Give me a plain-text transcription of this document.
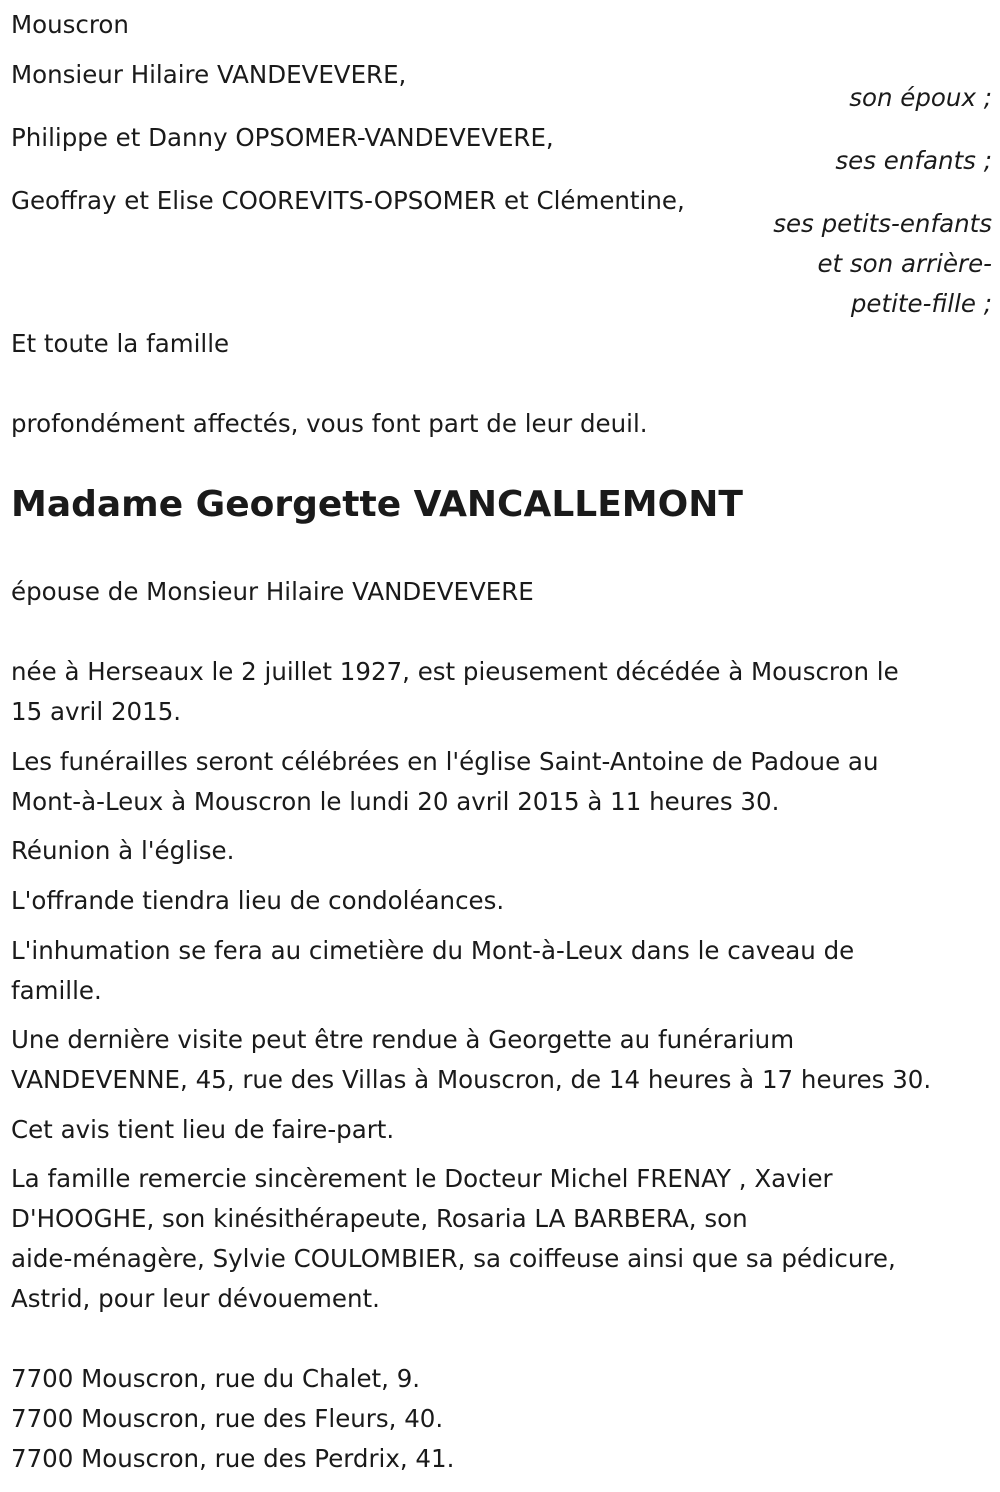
Mouscron
Monsieur Hilaire VANDEVEVERE,
son époux ;
Philippe et Danny OPSOMER-VANDEVEVERE,
ses enfants ;
Geoffray et Elise COOREVITS-OPSOMER et Clémentine,
ses petits-enfants
et son arrière-
petite-fille ;
Et toute la famille
profondément affectés, vous font part de leur deuil.
Madame Georgette VANCALLEMONT
épouse de Monsieur Hilaire VANDEVEVERE
née à Herseaux le 2 juillet 1927, est pieusement décédée à Mouscron le
15 avril 2015.
Les funérailles seront célébrées en l'église Saint-Antoine de Padoue au
Mont-à-Leux à Mouscron le lundi 20 avril 2015 à 11 heures 30.
Réunion à l'église.
L'offrande tiendra lieu de condoléances.
L'inhumation se fera au cimetière du Mont-à-Leux dans le caveau de
famille.
Une dernière visite peut être rendue à Georgette au funérarium
VANDEVENNE, 45, rue des Villas à Mouscron, de 14 heures à 17 heures 30.
Cet avis tient lieu de faire-part.
La famille remercie sincèrement le Docteur Michel FRENAY , Xavier
D'HOOGHE, son kinésithérapeute, Rosaria LA BARBERA, son
aide-ménagère, Sylvie COULOMBIER, sa coiffeuse ainsi que sa pédicure,
Astrid, pour leur dévouement.
7700 Mouscron, rue du Chalet, 9.
7700 Mouscron, rue des Fleurs, 40.
7700 Mouscron, rue des Perdrix, 41.
